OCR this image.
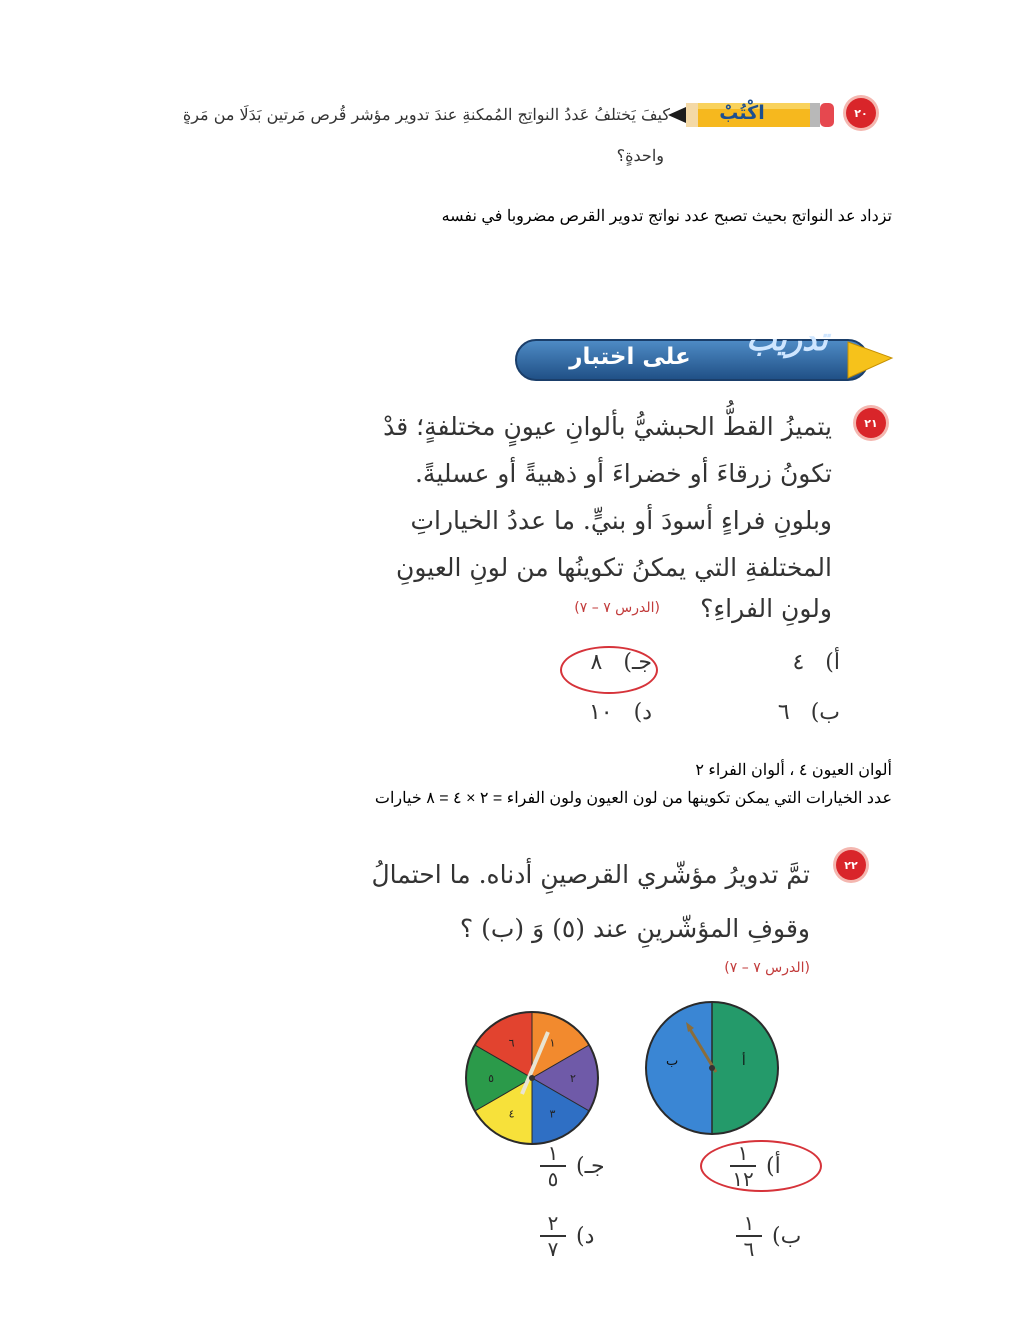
٢٠
اكْتُبْ
كيفَ يَختلفُ عَددُ النواتِجِ المُمكنةِ عندَ تدويرِ مؤشرِ قُرصٍ مَرتينِ بَدَلًا من مَرةٍ
واحدةٍ؟
تزداد عد النواتج بحيث تصبح عدد نواتج تدوير القرص مضروبا في نفسه
تدريب
على اختبار
٢١
يتميزُ القطُّ الحبشيُّ بألوانِ عيونٍ مختلفةٍ؛ قدْ
تكونُ زرقاءَ أو خضراءَ أو ذهبيةً أو عسليةً.
وبلونِ فراءٍ أسودَ أو بنيٍّ. ما عددُ الخياراتِ
المختلفةِ التي يمكنُ تكوينُها من لونِ العيونِ
ولونِ الفراءِ؟
(الدرس ٧ – ٧)
أ) ٤
جـ) ٨
ب) ٦
د) ١٠
ألوان العيون ٤ ، ألوان الفراء ٢
عدد الخيارات التي يمكن تكوينها من لون العيون ولون الفراء = ٢ × ٤ = ٨ خيارات
٢٢
تمَّ تدويرُ مؤشّري القرصينِ أدناه. ما احتمالُ
وقوفِ المؤشّرينِ عند (٥) وَ (ب) ؟
(الدرس ٧ – ٧)
١
٢
٣
٤
٥
٦
ب	أ
أ)
$\frac{١}{١٢}$
جـ)
$\frac{١}{٥}$
ب)
$\frac{١}{٦}$
د)
$\frac{٢}{٧}$
